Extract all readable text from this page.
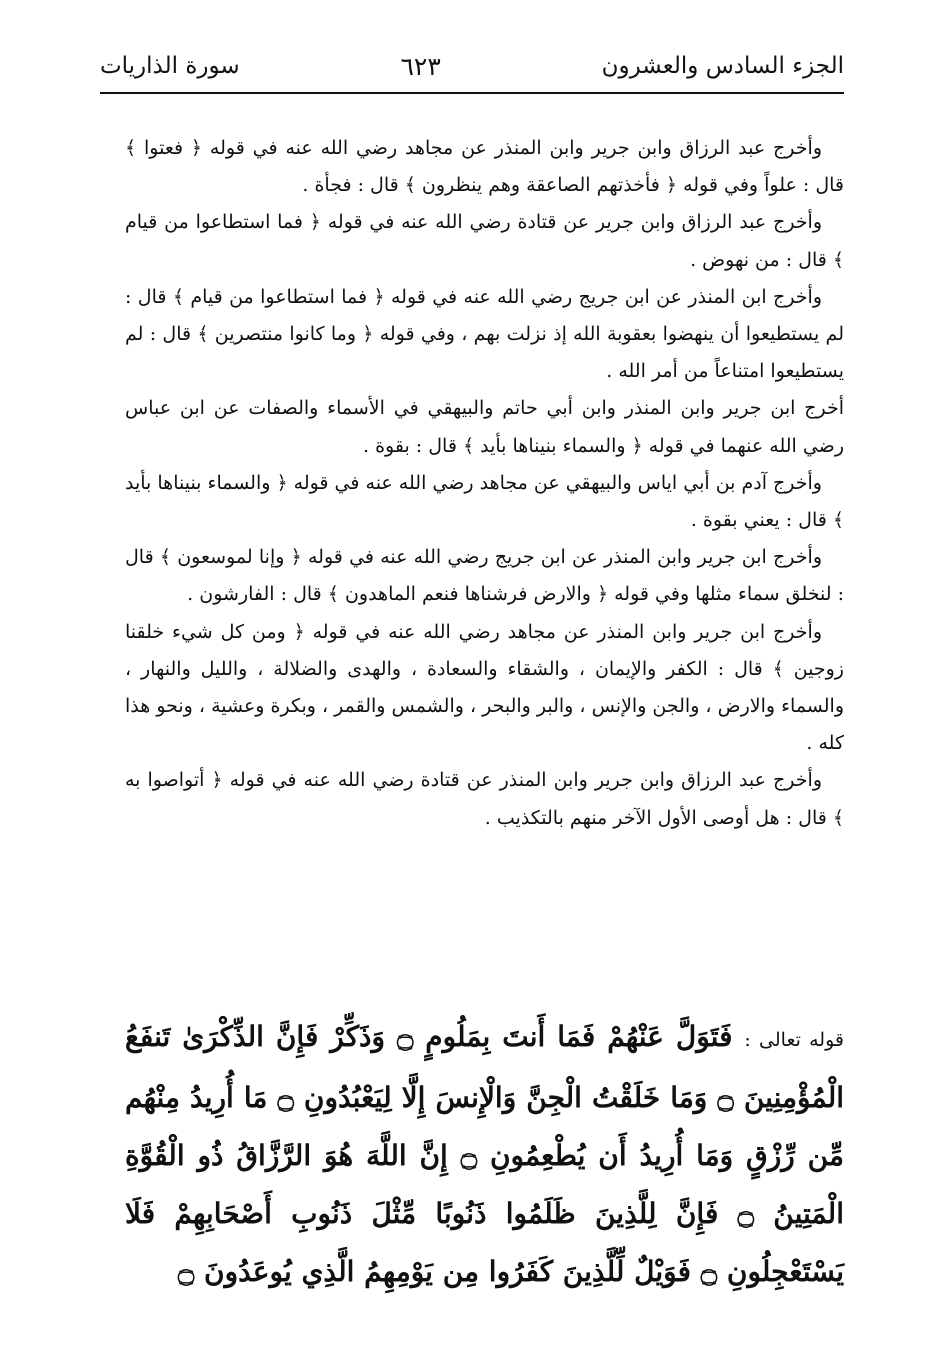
الجزء السادس والعشرون
٦٢٣
سورة الذاريات

وأخرج عبد الرزاق وابن جرير وابن المنذر عن مجاهد رضي الله عنه في قوله ﴿ فعتوا ﴾ قال : علواً وفي قوله ﴿ فأخذتهم الصاعقة وهم ينظرون ﴾ قال : فجأة .

وأخرج عبد الرزاق وابن جرير عن قتادة رضي الله عنه في قوله ﴿ فما استطاعوا من قيام ﴾ قال : من نهوض .

وأخرج ابن المنذر عن ابن جريج رضي الله عنه في قوله ﴿ فما استطاعوا من قيام ﴾ قال : لم يستطيعوا أن ينهضوا بعقوبة الله إذ نزلت بهم ، وفي قوله ﴿ وما كانوا منتصرين ﴾ قال : لم يستطيعوا امتناعاً من أمر الله .

أخرج ابن جرير وابن المنذر وابن أبي حاتم والبيهقي في الأسماء والصفات عن ابن عباس رضي الله عنهما في قوله ﴿ والسماء بنيناها بأيد ﴾ قال : بقوة .

وأخرج آدم بن أبي اياس والبيهقي عن مجاهد رضي الله عنه في قوله ﴿ والسماء بنيناها بأيد ﴾ قال : يعني بقوة .

وأخرج ابن جرير وابن المنذر عن ابن جريج رضي الله عنه في قوله ﴿ وإنا لموسعون ﴾ قال : لنخلق سماء مثلها وفي قوله ﴿ والارض فرشناها فنعم الماهدون ﴾ قال : الفارشون .

وأخرج ابن جرير وابن المنذر عن مجاهد رضي الله عنه في قوله ﴿ ومن كل شيء خلقنا زوجين ﴾ قال : الكفر والإيمان ، والشقاء والسعادة ، والهدى والضلالة ، والليل والنهار ، والسماء والارض ، والجن والإنس ، والبر والبحر ، والشمس والقمر ، وبكرة وعشية ، ونحو هذا كله .

وأخرج عبد الرزاق وابن جرير وابن المنذر عن قتادة رضي الله عنه في قوله ﴿ أتواصوا به ﴾ قال : هل أوصى الأول الآخر منهم بالتكذيب .

قوله تعالى : فَتَوَلَّ عَنْهُمْ فَمَا أَنتَ بِمَلُومٍ ۝ وَذَكِّرْ فَإِنَّ الذِّكْرَىٰ تَنفَعُ الْمُؤْمِنِينَ ۝ وَمَا خَلَقْتُ الْجِنَّ وَالْإِنسَ إِلَّا لِيَعْبُدُونِ ۝ مَا أُرِيدُ مِنْهُم مِّن رِّزْقٍ وَمَا أُرِيدُ أَن يُطْعِمُونِ ۝ إِنَّ اللَّهَ هُوَ الرَّزَّاقُ ذُو الْقُوَّةِ الْمَتِينُ ۝ فَإِنَّ لِلَّذِينَ ظَلَمُوا ذَنُوبًا مِّثْلَ ذَنُوبِ أَصْحَابِهِمْ فَلَا يَسْتَعْجِلُونِ ۝ فَوَيْلٌ لِّلَّذِينَ كَفَرُوا مِن يَوْمِهِمُ الَّذِي يُوعَدُونَ ۝
